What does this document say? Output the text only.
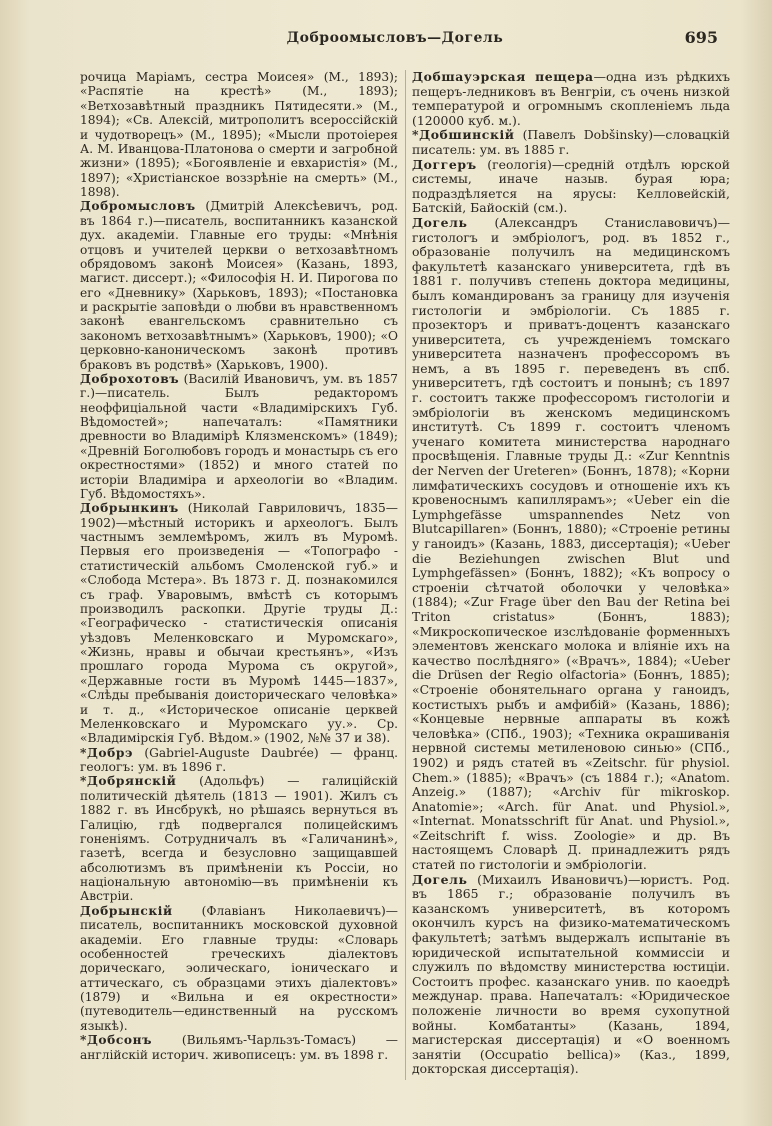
Доброомысловъ—Догель	695

рочица Маріамъ, сестра Моисея» (М., 1893); «Распятіе на крестѣ» (М., 1893); «Ветхозавѣтный праздникъ Пятидесяти.» (М., 1894); «Св. Алексій, митрополитъ всероссійскій и чудотворецъ» (М., 1895); «Мысли протоіерея А. М. Иванцова-Платонова о смерти и загробной жизни» (1895); «Богоявленіе и евхаристія» (М., 1897); «Христіанское воззрѣніе на смерть» (М., 1898).

Добромысловъ (Дмитрій Алексѣевичъ, род. въ 1864 г.)—писатель, воспитанникъ казанской дух. академіи. Главные его труды: «Мнѣнія отцовъ и учителей церкви о ветхозавѣтномъ обрядовомъ законѣ Моисея» (Казань, 1893, магист. диссерт.); «Философія Н. И. Пирогова по его «Дневнику» (Харьковъ, 1893); «Постановка и раскрытіе заповѣди о любви въ нравственномъ законѣ евангельскомъ сравнительно съ закономъ ветхозавѣтнымъ» (Харьковъ, 1900); «О церковно-каноническомъ законѣ противъ браковъ въ родствѣ» (Харьковъ, 1900).

Доброхотовъ (Василій Ивановичъ, ум. въ 1857 г.)—писатель. Былъ редакторомъ неоффиціальной части «Владимірскихъ Губ. Вѣдомостей»; напечаталъ: «Памятники древности во Владимірѣ Клязменскомъ» (1849); «Древній Боголюбовъ городъ и монастырь съ его окрестностями» (1852) и много статей по исторіи Владиміра и археологіи во «Владим. Губ. Вѣдомостяхъ».

Добрынкинъ (Николай Гавриловичъ, 1835—1902)—мѣстный историкъ и археологъ. Былъ частнымъ землемѣромъ, жилъ въ Муромѣ. Первыя его произведенія — «Топографо - статистическій альбомъ Смоленской губ.» и «Слобода Мстера». Въ 1873 г. Д. познакомился съ граф. Уваровымъ, вмѣстѣ съ которымъ производилъ раскопки. Другіе труды Д.: «Географическо - статистическія описанія уѣздовъ Меленковскаго и Муромскаго», «Жизнь, нравы и обычаи крестьянъ», «Изъ прошлаго города Мурома съ округой», «Державные гости въ Муромѣ 1445—1837», «Слѣды пребыванія доисторическаго человѣка» и т. д., «Историческое описаніе церквей Меленковскаго и Муромскаго уу.». Ср. «Владимірскія Губ. Вѣдом.» (1902, №№ 37 и 38).

*Добрэ (Gabriel-Auguste Daubrée) — франц. геологъ: ум. въ 1896 г.

*Добрянскій (Адольфъ) — галицiйскій политическій дѣятель (1813 — 1901). Жилъ съ 1882 г. въ Инсбрукѣ, но рѣшаясь вернуться въ Галицію, гдѣ подвергался полицейскимъ гоненіямъ. Сотрудничалъ въ «Галичанинѣ», газетѣ, всегда и безусловно защищавшей абсолютизмъ въ примѣненіи къ Россіи, но національную автономію—въ примѣненіи къ Австріи.

Добрынскій (Флавіанъ Николаевичъ)—писатель, воспитанникъ московской духовной академіи. Его главные труды: «Словарь особенностей греческихъ діалектовъ дорическаго, эолическаго, іоническаго и аттическаго, съ образцами этихъ діалектовъ» (1879) и «Вильна и ея окрестности» (путеводитель—единственный на русскомъ языкѣ).

*Добсонъ (Вильямъ-Чарльзъ-Томасъ) — англійскій историч. живописецъ: ум. въ 1898 г.

Добшауэрская пещера—одна изъ рѣдкихъ пещеръ-ледниковъ въ Венгріи, съ очень низкой температурой и огромнымъ скопленіемъ льда (120000 куб. м.).

*Добшинскій (Павелъ Dobšinsky)—словацкій писатель: ум. въ 1885 г.

Доггеръ (геологія)—средній отдѣлъ юрской системы, иначе назыв. бурая юра; подраздѣляется на ярусы: Келловейскій, Батскій, Байоскій (см.).

Догель (Александръ Станиславовичъ)—гистологъ и эмбріологъ, род. въ 1852 г., образованіе получилъ на медицинскомъ факультетѣ казанскаго университета, гдѣ въ 1881 г. получивъ степень доктора медицины, былъ командированъ за границу для изученія гистологіи и эмбріологіи. Съ 1885 г. прозекторъ и приватъ-доцентъ казанскаго университета, съ учрежденіемъ томскаго университета назначенъ профессоромъ въ немъ, а въ 1895 г. переведенъ въ спб. университетъ, гдѣ состоитъ и понынѣ; съ 1897 г. состоитъ также профессоромъ гистологіи и эмбріологіи въ женскомъ медицинскомъ институтѣ. Съ 1899 г. состоитъ членомъ ученаго комитета министерства народнаго просвѣщенія. Главные труды Д.: «Zur Kenntnis der Nerven der Ureteren» (Боннъ, 1878); «Корни лимфатическихъ сосудовъ и отношеніе ихъ къ кровеноснымъ капиллярамъ»; «Ueber ein die Lymphgefässe umspannendes Netz von Blutcapillaren» (Боннъ, 1880); «Строеніе ретины у ганоидъ» (Казань, 1883, диссертація); «Ueber die Beziehungen zwischen Blut und Lymphgefässen» (Боннъ, 1882); «Къ вопросу о строеніи сѣтчатой оболочки у человѣка» (1884); «Zur Frage über den Bau der Retina bei Triton cristatus» (Боннъ, 1883); «Микроскопическое изслѣдованіе форменныхъ элементовъ женскаго молока и вліяніе ихъ на качество послѣдняго» («Врачъ», 1884); «Ueber die Drüsen der Regio olfactoria» (Боннъ, 1885); «Строеніе обонятельнаго органа у ганоидъ, костистыхъ рыбъ и амфибій» (Казань, 1886); «Концевые нервные аппараты въ кожѣ человѣка» (СПб., 1903); «Техника окрашиванія нервной системы метиленовою синью» (СПб., 1902) и рядъ статей въ «Zeitschr. für physiol. Chem.» (1885); «Врачъ» (съ 1884 г.); «Anatom. Anzeig.» (1887); «Archiv für mikroskop. Anatomie»; «Arch. für Anat. und Physiol.», «Internat. Monatsschrift für Anat. und Physiol.», «Zeitschrift f. wiss. Zoologie» и др. Въ настоящемъ Словарѣ Д. принадлежитъ рядъ статей по гистологіи и эмбріологіи.

Догель (Михаилъ Ивановичъ)—юристъ. Род. въ 1865 г.; образованіе получилъ въ казанскомъ университетѣ, въ которомъ окончилъ курсъ на физико-математическомъ факультетѣ; затѣмъ выдержалъ испытаніе въ юридической испытательной коммиссіи и служилъ по вѣдомству министерства юстиціи. Состоитъ профес. казанскаго унив. по каоедрѣ междунар. права. Напечаталъ: «Юридическое положеніе личности во время сухопутной войны. Комбатанты» (Казань, 1894, магистерская диссертація) и «О военномъ занятіи (Occupatio bellica)» (Каз., 1899, докторская диссертація).
